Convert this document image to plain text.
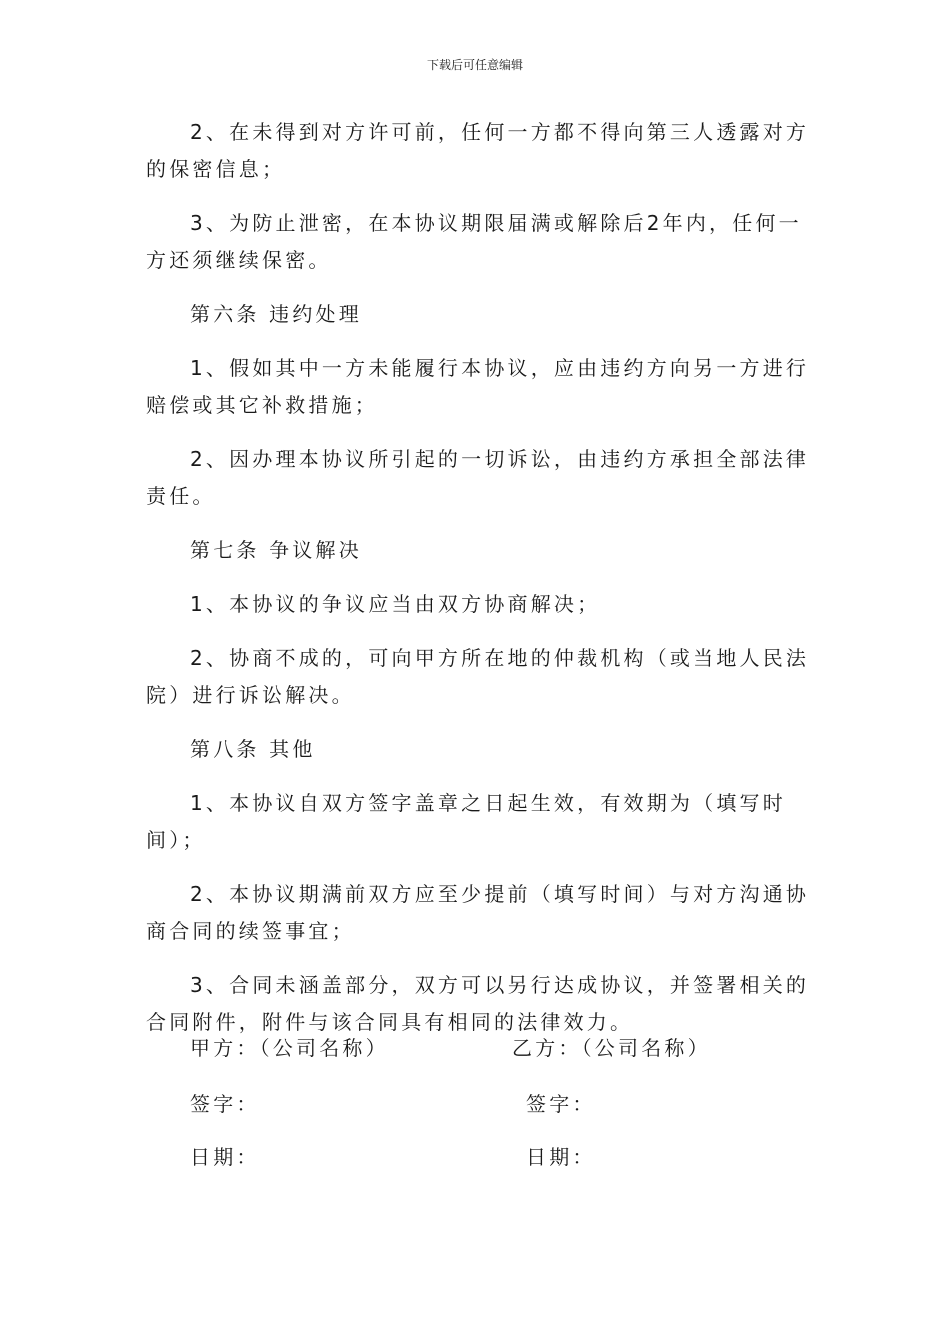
下载后可任意编辑

2、在未得到对方许可前，任何一方都不得向第三人透露对方的保密信息；

3、为防止泄密，在本协议期限届满或解除后2年内，任何一方还须继续保密。

第六条 违约处理

1、假如其中一方未能履行本协议，应由违约方向另一方进行赔偿或其它补救措施；

2、因办理本协议所引起的一切诉讼，由违约方承担全部法律责任。

第七条 争议解决

1、本协议的争议应当由双方协商解决；

2、协商不成的，可向甲方所在地的仲裁机构（或当地人民法院）进行诉讼解决。

第八条 其他

1、本协议自双方签字盖章之日起生效，有效期为（填写时间）；

2、本协议期满前双方应至少提前（填写时间）与对方沟通协商合同的续签事宜；

3、合同未涵盖部分，双方可以另行达成协议，并签署相关的合同附件，附件与该合同具有相同的法律效力。

甲方：（公司名称）	乙方：（公司名称）
签字：	签字：
日期：	日期：
